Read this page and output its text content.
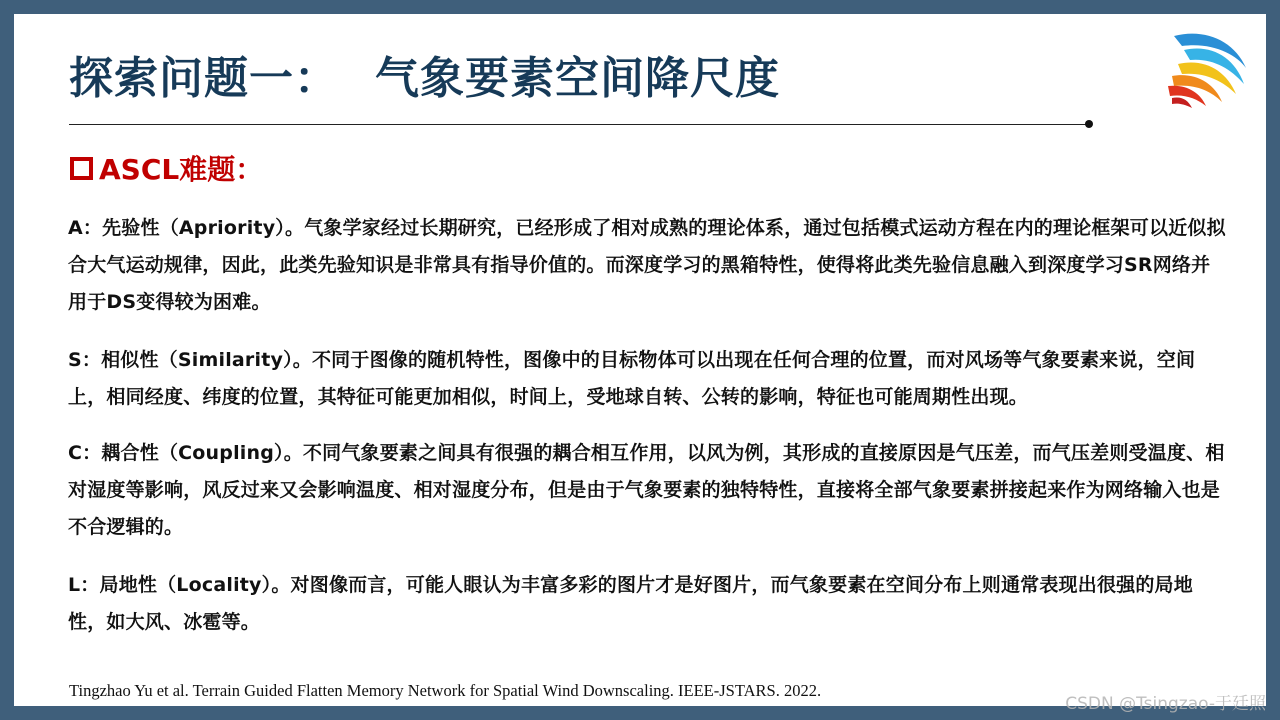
探索问题一： 气象要素空间降尺度
ASCL难题：
A：先验性（Apriority）。气象学家经过长期研究，已经形成了相对成熟的理论体系，通过包括模式运动方程在内的理论框架可以近似拟合大气运动规律，因此，此类先验知识是非常具有指导价值的。而深度学习的黑箱特性，使得将此类先验信息融入到深度学习SR网络并用于DS变得较为困难。
S：相似性（Similarity）。不同于图像的随机特性，图像中的目标物体可以出现在任何合理的位置，而对风场等气象要素来说，空间上，相同经度、纬度的位置，其特征可能更加相似，时间上，受地球自转、公转的影响，特征也可能周期性出现。
C：耦合性（Coupling）。不同气象要素之间具有很强的耦合相互作用，以风为例，其形成的直接原因是气压差，而气压差则受温度、相对湿度等影响，风反过来又会影响温度、相对湿度分布，但是由于气象要素的独特特性，直接将全部气象要素拼接起来作为网络输入也是不合逻辑的。
L：局地性（Locality）。对图像而言，可能人眼认为丰富多彩的图片才是好图片，而气象要素在空间分布上则通常表现出很强的局地性，如大风、冰雹等。
Tingzhao Yu et al. Terrain Guided Flatten Memory Network for Spatial Wind Downscaling. IEEE-JSTARS. 2022.
CSDN @Tsingzao-于廷照
